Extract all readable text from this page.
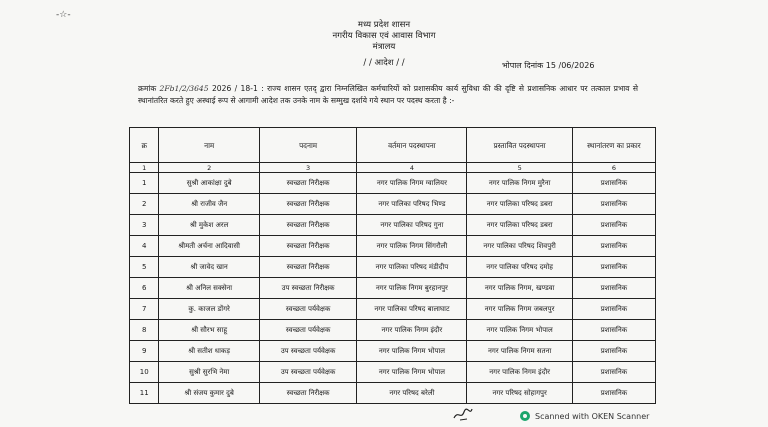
-☆-
मध्य प्रदेश शासन
नगरीय विकास एवं आवास विभाग
मंत्रालय
/ / आदेश / /	भोपाल दिनांक 15 /06/2026
क्रमांक 2Fb1/2/3645 2026 / 18-1 : राज्य शासन एतद् द्वारा निम्नलिखित कर्मचारियों को प्रशासकीय कार्य सुविधा की की दृष्टि से प्रशासनिक आधार पर तत्काल प्रभाव से स्थानांतरित करते हुए अस्थाई रूप से आगामी आदेश तक उनके नाम के सम्मुख दर्शाये गये स्थान पर पदस्थ करता है :-
क्र	नाम	पदनाम	वर्तमान पदस्थापना	प्रस्तावित पदस्थापना	स्थानांतरण का प्रकार
1	2	3	4	5	6
1	सुश्री आकांक्षा दुबे	स्वच्छता निरीक्षक	नगर पालिक निगम ग्वालियर	नगर पालिक निगम मुरैना	प्रशासनिक
2	श्री राजीव जैन	स्वच्छता निरीक्षक	नगर पालिका परिषद भिण्ड	नगर पालिका परिषद डबरा	प्रशासनिक
3	श्री मुकेश अरल	स्वच्छता निरीक्षक	नगर पालिका परिषद गुना	नगर पालिका परिषद डबरा	प्रशासनिक
4	श्रीमती अर्चना आदिवासी	स्वच्छता निरीक्षक	नगर पालिक निगम सिंगरौली	नगर पालिका परिषद शिवपुरी	प्रशासनिक
5	श्री जावेद खान	स्वच्छता निरीक्षक	नगर पालिका परिषद मंडीदीप	नगर पालिका परिषद दमोह	प्रशासनिक
6	श्री अनिल सक्सेना	उप स्वच्छता निरीक्षक	नगर पालिक निगम बुरहानपुर	नगर पालिक निगम, खण्डवा	प्रशासनिक
7	कु. काजल डोंगरे	स्वच्छता पर्यवेक्षक	नगर पालिका परिषद बालाघाट	नगर पालिक निगम जबलपुर	प्रशासनिक
8	श्री सौरभ साहू	स्वच्छता पर्यवेक्षक	नगर पालिक निगम इंदौर	नगर पालिक निगम भोपाल	प्रशासनिक
9	श्री सतीश धाकड़	उप स्वच्छता पर्यवेक्षक	नगर पालिक निगम भोपाल	नगर पालिक निगम सतना	प्रशासनिक
10	सुश्री सुरभि नेमा	उप स्वच्छता पर्यवेक्षक	नगर पालिक निगम भोपाल	नगर पालिक निगम इंदौर	प्रशासनिक
11	श्री संजय कुमार दुबे	स्वच्छता निरीक्षक	नगर परिषद बरेली	नगर परिषद सोहागपुर	प्रशासनिक
Scanned with OKEN Scanner
